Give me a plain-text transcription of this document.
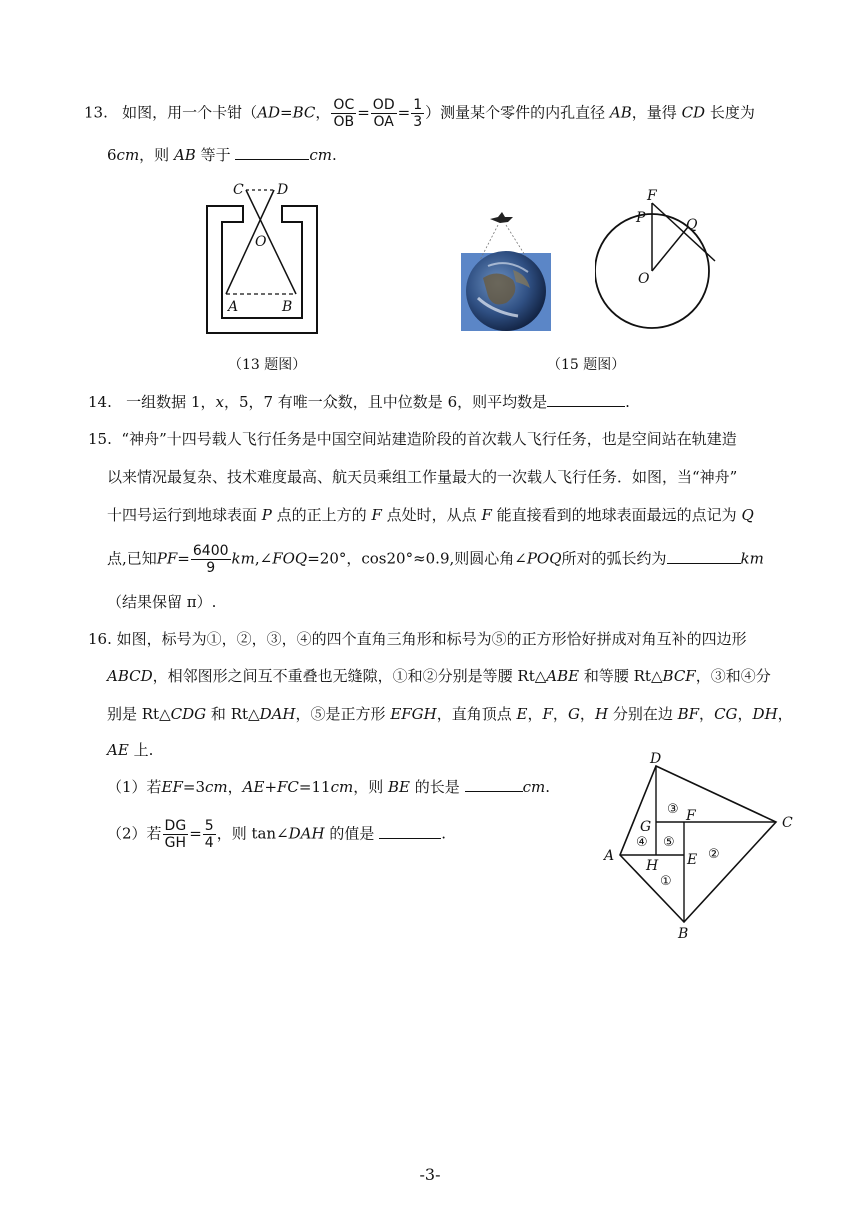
13. 如图，用一个卡钳（AD=BC， $\frac{OC}{OB} = \frac{OD}{OA} = \frac{1}{3}$ ）测量某个零件的内孔直径 AB，量得 CD 长度为
6cm，则 AB 等于	cm.
C D
O
A	B
（13 题图）
F
P	Q
O
（15 题图）
14. 一组数据 1，x，5，7 有唯一众数，且中位数是 6，则平均数是	.
15. “神舟”十四号载人飞行任务是中国空间站建造阶段的首次载人飞行任务，也是空间站在轨建造
以来情况最复杂、技术难度最高、航天员乘组工作量最大的一次载人飞行任务．如图，当“神舟”
十四号运行到地球表面 P 点的正上方的 F 点处时，从点 F 能直接看到的地球表面最远的点记为 Q
点,已知$PF= \frac{6400}{9}$ km,∠FOQ=20°，cos20°≈0.9,则圆心角∠POQ所对的弧长约为	km
（结果保留 π）.
16. 如图，标号为①，②，③，④的四个直角三角形和标号为⑤的正方形恰好拼成对角互补的四边形
ABCD，相邻图形之间互不重叠也无缝隙，①和②分别是等腰 Rt△ABE 和等腰 Rt△BCF，③和④分
别是 Rt△CDG 和 Rt△DAH，⑤是正方形 EFGH，直角顶点 E，F，G，H 分别在边 BF，CG，DH，
AE 上.
（1）若EF=3cm，AE+FC=11cm，则 BE 的长是	cm.
（2）若 $\frac{DG}{GH} = \frac{5}{4}$ ，则 tan∠DAH 的值是	.
D
C
B
A
F
G
E
H
③
④ ⑤
②
①
-3-
